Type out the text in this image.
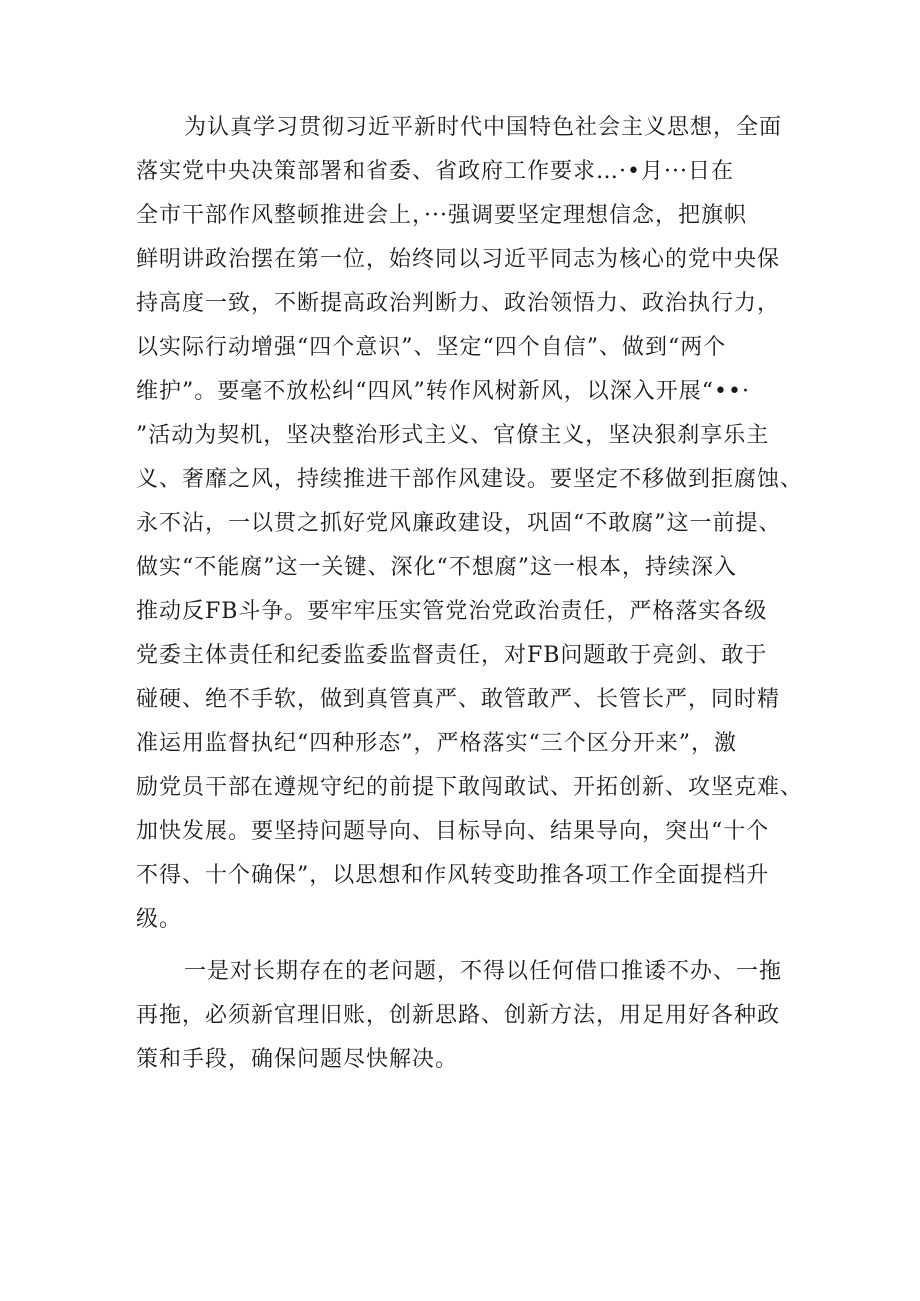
为认真学习贯彻习近平新时代中国特色社会主义思想，全面
落实党中央决策部署和省委、省政府工作要求…·•月···日在
全市干部作风整顿推进会上，···强调要坚定理想信念，把旗帜
鲜明讲政治摆在第一位，始终同以习近平同志为核心的党中央保
持高度一致，不断提高政治判断力、政治领悟力、政治执行力，
以实际行动增强“四个意识”、坚定“四个自信”、做到“两个
维护”。要毫不放松纠“四风”转作风树新风，以深入开展“••·
”活动为契机，坚决整治形式主义、官僚主义，坚决狠刹享乐主
义、奢靡之风，持续推进干部作风建设。要坚定不移做到拒腐蚀、
永不沾，一以贯之抓好党风廉政建设，巩固“不敢腐”这一前提、
做实“不能腐”这一关键、深化“不想腐”这一根本，持续深入
推动反FB斗争。要牢牢压实管党治党政治责任，严格落实各级
党委主体责任和纪委监委监督责任，对FB问题敢于亮剑、敢于
碰硬、绝不手软，做到真管真严、敢管敢严、长管长严，同时精
准运用监督执纪“四种形态”，严格落实“三个区分开来”，激
励党员干部在遵规守纪的前提下敢闯敢试、开拓创新、攻坚克难、
加快发展。要坚持问题导向、目标导向、结果导向，突出“十个
不得、十个确保”，以思想和作风转变助推各项工作全面提档升
级。

一是对长期存在的老问题，不得以任何借口推诿不办、一拖
再拖，必须新官理旧账，创新思路、创新方法，用足用好各种政
策和手段，确保问题尽快解决。
